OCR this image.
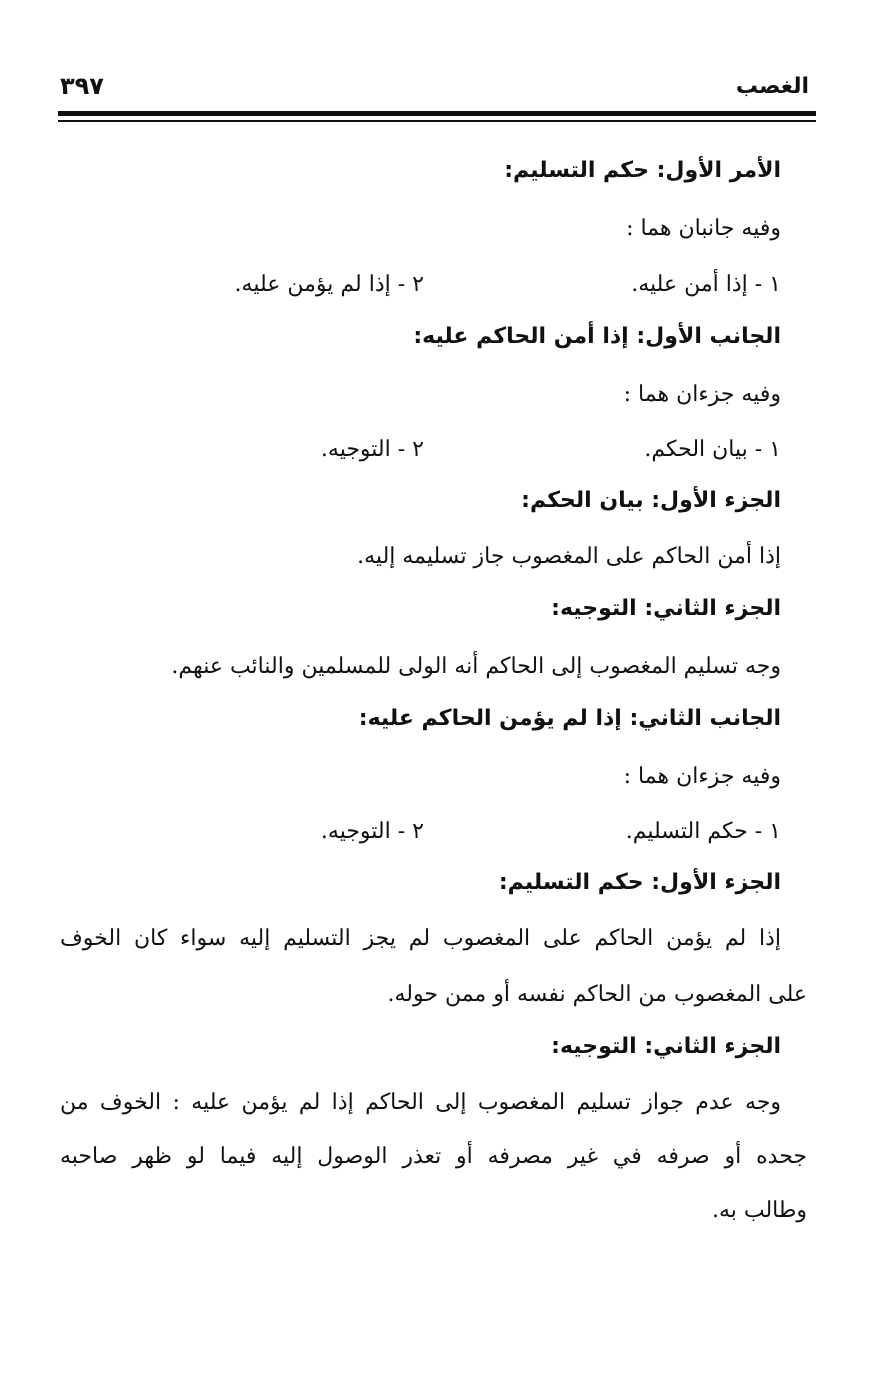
الغصب
٣٩٧
الأمر الأول: حكم التسليم:
وفيه جانبان هما :
١ - إذا أمن عليه.
٢ - إذا لم يؤمن عليه.
الجانب الأول: إذا أمن الحاكم عليه:
وفيه جزءان هما :
١ - بيان الحكم.
٢ - التوجيه.
الجزء الأول: بيان الحكم:
إذا أمن الحاكم على المغصوب جاز تسليمه إليه.
الجزء الثاني: التوجيه:
وجه تسليم المغصوب إلى الحاكم أنه الولى للمسلمين والنائب عنهم.
الجانب الثاني: إذا لم يؤمن الحاكم عليه:
وفيه جزءان هما :
١ - حكم التسليم.
٢ - التوجيه.
الجزء الأول: حكم التسليم:
إذا لم يؤمن الحاكم على المغصوب لم يجز التسليم إليه سواء كان الخوف
على المغصوب من الحاكم نفسه أو ممن حوله.
الجزء الثاني: التوجيه:
وجه عدم جواز تسليم المغصوب إلى الحاكم إذا لم يؤمن عليه : الخوف من
جحده أو صرفه في غير مصرفه أو تعذر الوصول إليه فيما لو ظهر صاحبه
وطالب به.
